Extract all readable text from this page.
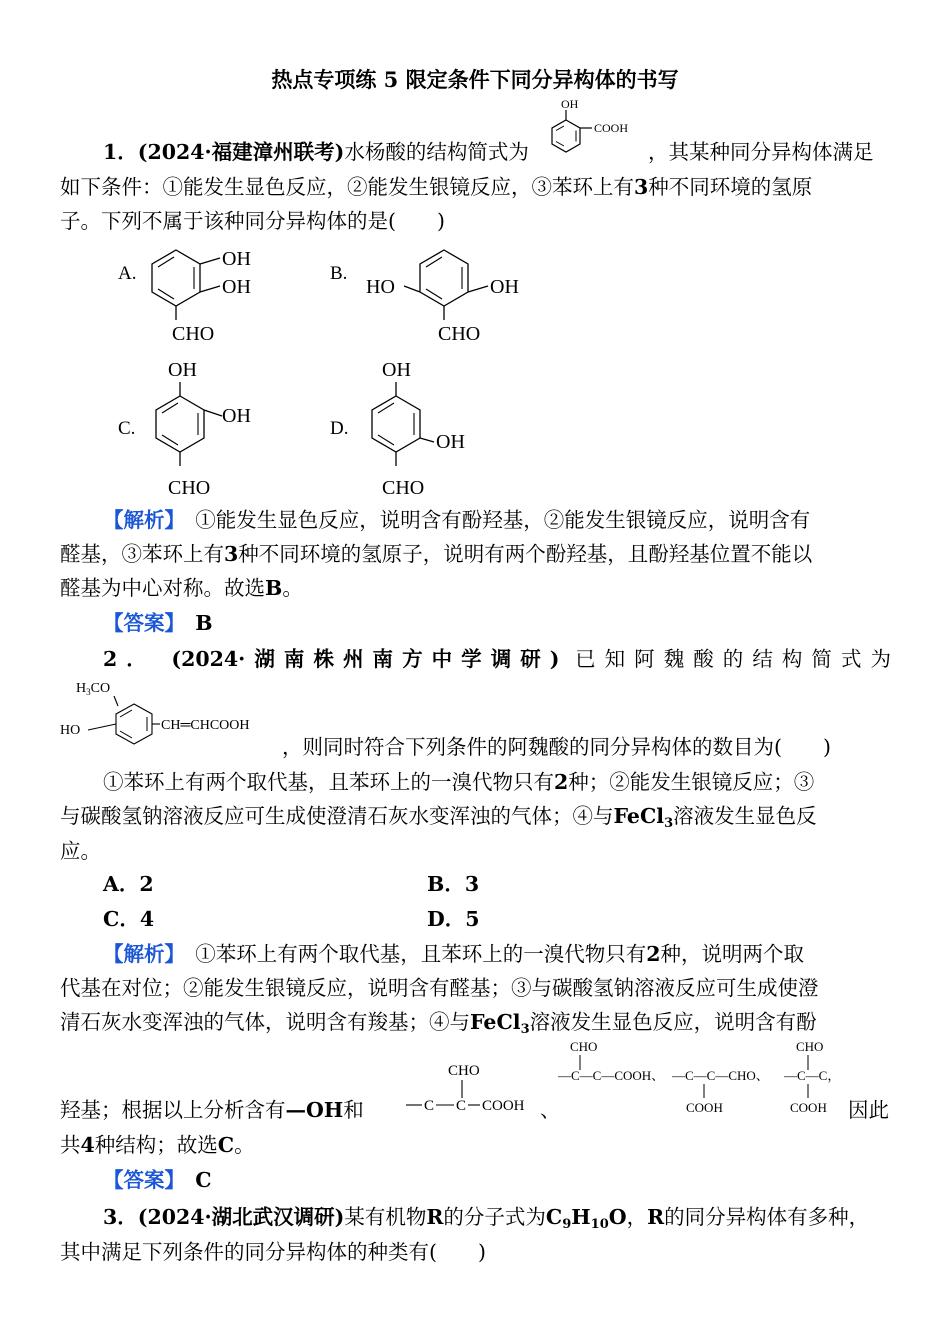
热点专项练 5 限定条件下同分异构体的书写
1．(2024·福建漳州联考)水杨酸的结构简式为
OH
COOH
，其某种同分异构体满足
如下条件：①能发生显色反应，②能发生银镜反应，③苯环上有3种不同环境的氢原
子。下列不属于该种同分异构体的是(　　)
A.
OH
OH
CHO
B.
HO	OH
CHO
C.
OH
OH
CHO
D.
OH
OH
CHO
【解析】　 ①能发生显色反应，说明含有酚羟基，②能发生银镜反应，说明含有
醛基，③苯环上有3种不同环境的氢原子，说明有两个酚羟基，且酚羟基位置不能以
醛基为中心对称。故选B。
【答案】　 B
2． (2024·湖南株州南方中学调研) 已知阿魏酸的结构简式为
$H_3CO$
HO	CH═CHCOOH
，则同时符合下列条件的阿魏酸的同分异构体的数目为(　　)
①苯环上有两个取代基，且苯环上的一溴代物只有2种；②能发生银镜反应；③
与碳酸氢钠溶液反应可生成使澄清石灰水变浑浊的气体；④与FeCl$_3$溶液发生显色反
应。
A．2	B．3
C．4	D．5
【解析】　 ①苯环上有两个取代基，且苯环上的一溴代物只有2种，说明两个取
代基在对位；②能发生银镜反应，说明含有醛基；③与碳酸氢钠溶液反应可生成使澄
清石灰水变浑浊的气体，说明含有羧基；④与FeCl$_3$溶液发生显色反应，说明含有酚
羟基；根据以上分析含有—OH和
CHO
C C COOH 、
CHO
—C—C—COOH、 —C—C—CHO、
COOH
CHO
—C—C，
COOH 因此
共4种结构；故选C。
【答案】　 C
3．(2024·湖北武汉调研)某有机物R的分子式为$C_9H_{10}O$，R的同分异构体有多种，
其中满足下列条件的同分异构体的种类有(　　)
